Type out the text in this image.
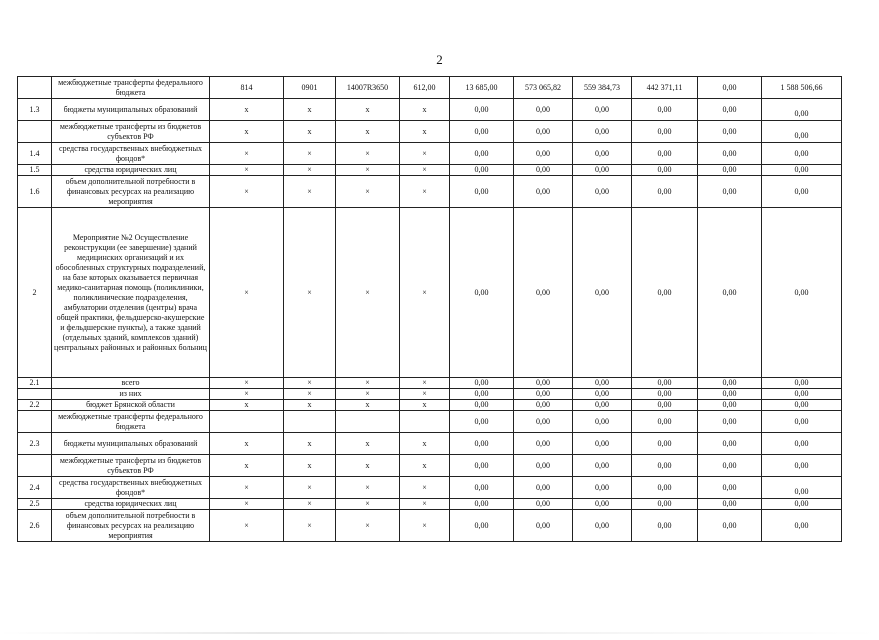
2
	межбюджетные трансферты федерального бюджета	814	0901	14007R3650	612,00	13 685,00	573 065,82	559 384,73	442 371,11	0,00	1 588 506,66
1.3	бюджеты муниципальных образований	x	x	x	x	0,00	0,00	0,00	0,00	0,00	0,00
	межбюджетные трансферты из бюджетов субъектов РФ	x	x	x	x	0,00	0,00	0,00	0,00	0,00	0,00
1.4	средства государственных внебюджетных фондов*	×	×	×	×	0,00	0,00	0,00	0,00	0,00	0,00
1.5	средства юридических лиц	×	×	×	×	0,00	0,00	0,00	0,00	0,00	0,00
1.6	объем дополнительной потребности в финансовых ресурсах на реализацию мероприятия	×	×	×	×	0,00	0,00	0,00	0,00	0,00	0,00
2	Мероприятие №2 Осуществление реконструкции (ее завершение) зданий медицинских организаций и их обособленных структурных подразделений, на базе которых оказывается первичная медико-санитарная помощь (поликлиники, поликлинические подразделения, амбулатории отделения (центры) врача общей практики, фельдшерско-акушерские и фельдшерские пункты), а также зданий (отдельных зданий, комплексов зданий) центральных районных и районных больниц	×	×	×	×	0,00	0,00	0,00	0,00	0,00	0,00
2.1	всего	×	×	×	×	0,00	0,00	0,00	0,00	0,00	0,00
	из них	×	×	×	×	0,00	0,00	0,00	0,00	0,00	0,00
2.2	бюджет Брянской области	x	x	x	x	0,00	0,00	0,00	0,00	0,00	0,00
	межбюджетные трансферты федерального бюджета					0,00	0,00	0,00	0,00	0,00	0,00
2.3	бюджеты муниципальных образований	x	x	x	x	0,00	0,00	0,00	0,00	0,00	0,00
	межбюджетные трансферты из бюджетов субъектов РФ	x	x	x	x	0,00	0,00	0,00	0,00	0,00	0,00
2.4	средства государственных внебюджетных фондов*	×	×	×	×	0,00	0,00	0,00	0,00	0,00	0,00
2.5	средства юридических лиц	×	×	×	×	0,00	0,00	0,00	0,00	0,00	0,00
2.6	объем дополнительной потребности в финансовых ресурсах на реализацию мероприятия	×	×	×	×	0,00	0,00	0,00	0,00	0,00	0,00
